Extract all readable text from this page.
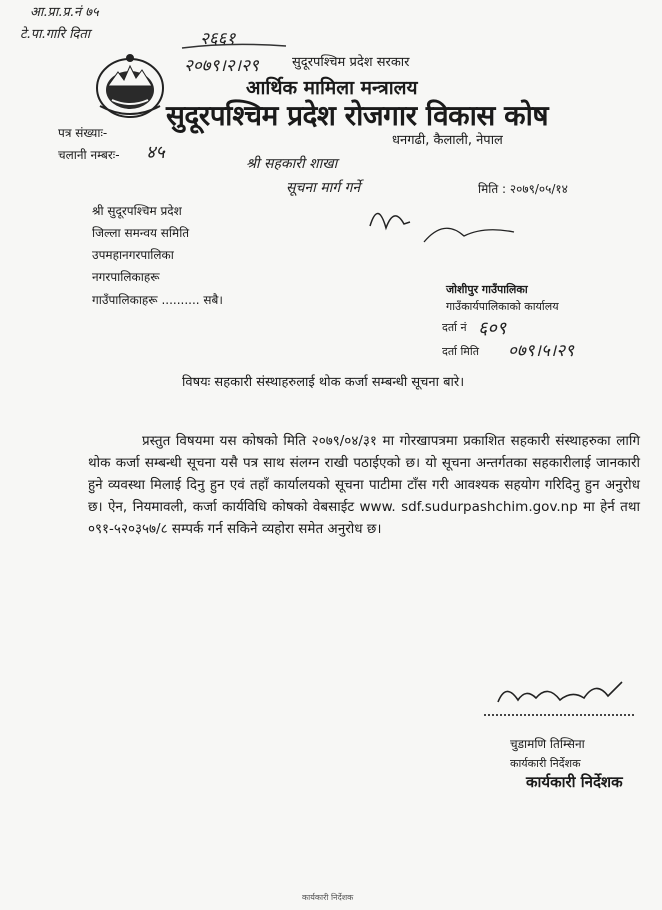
आ.प्रा.प्र.नं ७५
टे.पा.गारि दि‍‍ता	२६६१
२०७९।२।२९	सुदूरपश्चिम प्रदेश सरकार
आर्थिक मामिला मन्त्रालय
सुदूरपश्चिम प्रदेश रोजगार विकास कोष
धनगढी, कैलाली, नेपाल
पत्र संख्याः-
चलानी नम्बरः- ४५
श्री सहकारी शाखा
सूचना मार्ग गर्ने	मिति : २०७९/०५/१४
श्री सुदूरपश्चिम प्रदेश
जिल्ला समन्वय समिति
उपमहानगरपालिका
नगरपालिकाहरू
गाउँपालिकाहरू .......... सबै।
जोशीपुर गाउँपालिका
गाउँकार्यपालिकाको कार्यालय
दर्ता नं ६०९
दर्ता मिति ०७९।५।२९
विषयः सहकारी संस्थाहरुलाई थोक कर्जा सम्बन्धी सूचना बारे।
प्रस्तुत विषयमा यस कोषको मिति २०७९/०४/३१ मा गोरखापत्रमा प्रकाशित सहकारी संस्थाहरुका लागि थोक कर्जा सम्बन्धी सूचना यसै पत्र साथ संलग्न राखी पठाईएको छ। यो सूचना अन्तर्गतका सहकारीलाई जानकारी हुने व्यवस्था मिलाई दिनु हुन एवं तहाँ कार्यालयको सूचना पाटीमा टाँस गरी आवश्यक सहयोग गरिदिनु हुन अनुरोध छ। ऐन, नियमावली, कर्जा कार्यविधि कोषको वेबसाईट www. sdf.sudurpashchim.gov.np मा हेर्न तथा ०९१-५२०३५७/८ सम्पर्क गर्न सकिने व्यहोरा समेत अनुरोध छ।
चुडामणि तिम्सिना
कार्यकारी निर्देशक
कार्यकारी निर्देशक
कार्यकारी निर्देशक
